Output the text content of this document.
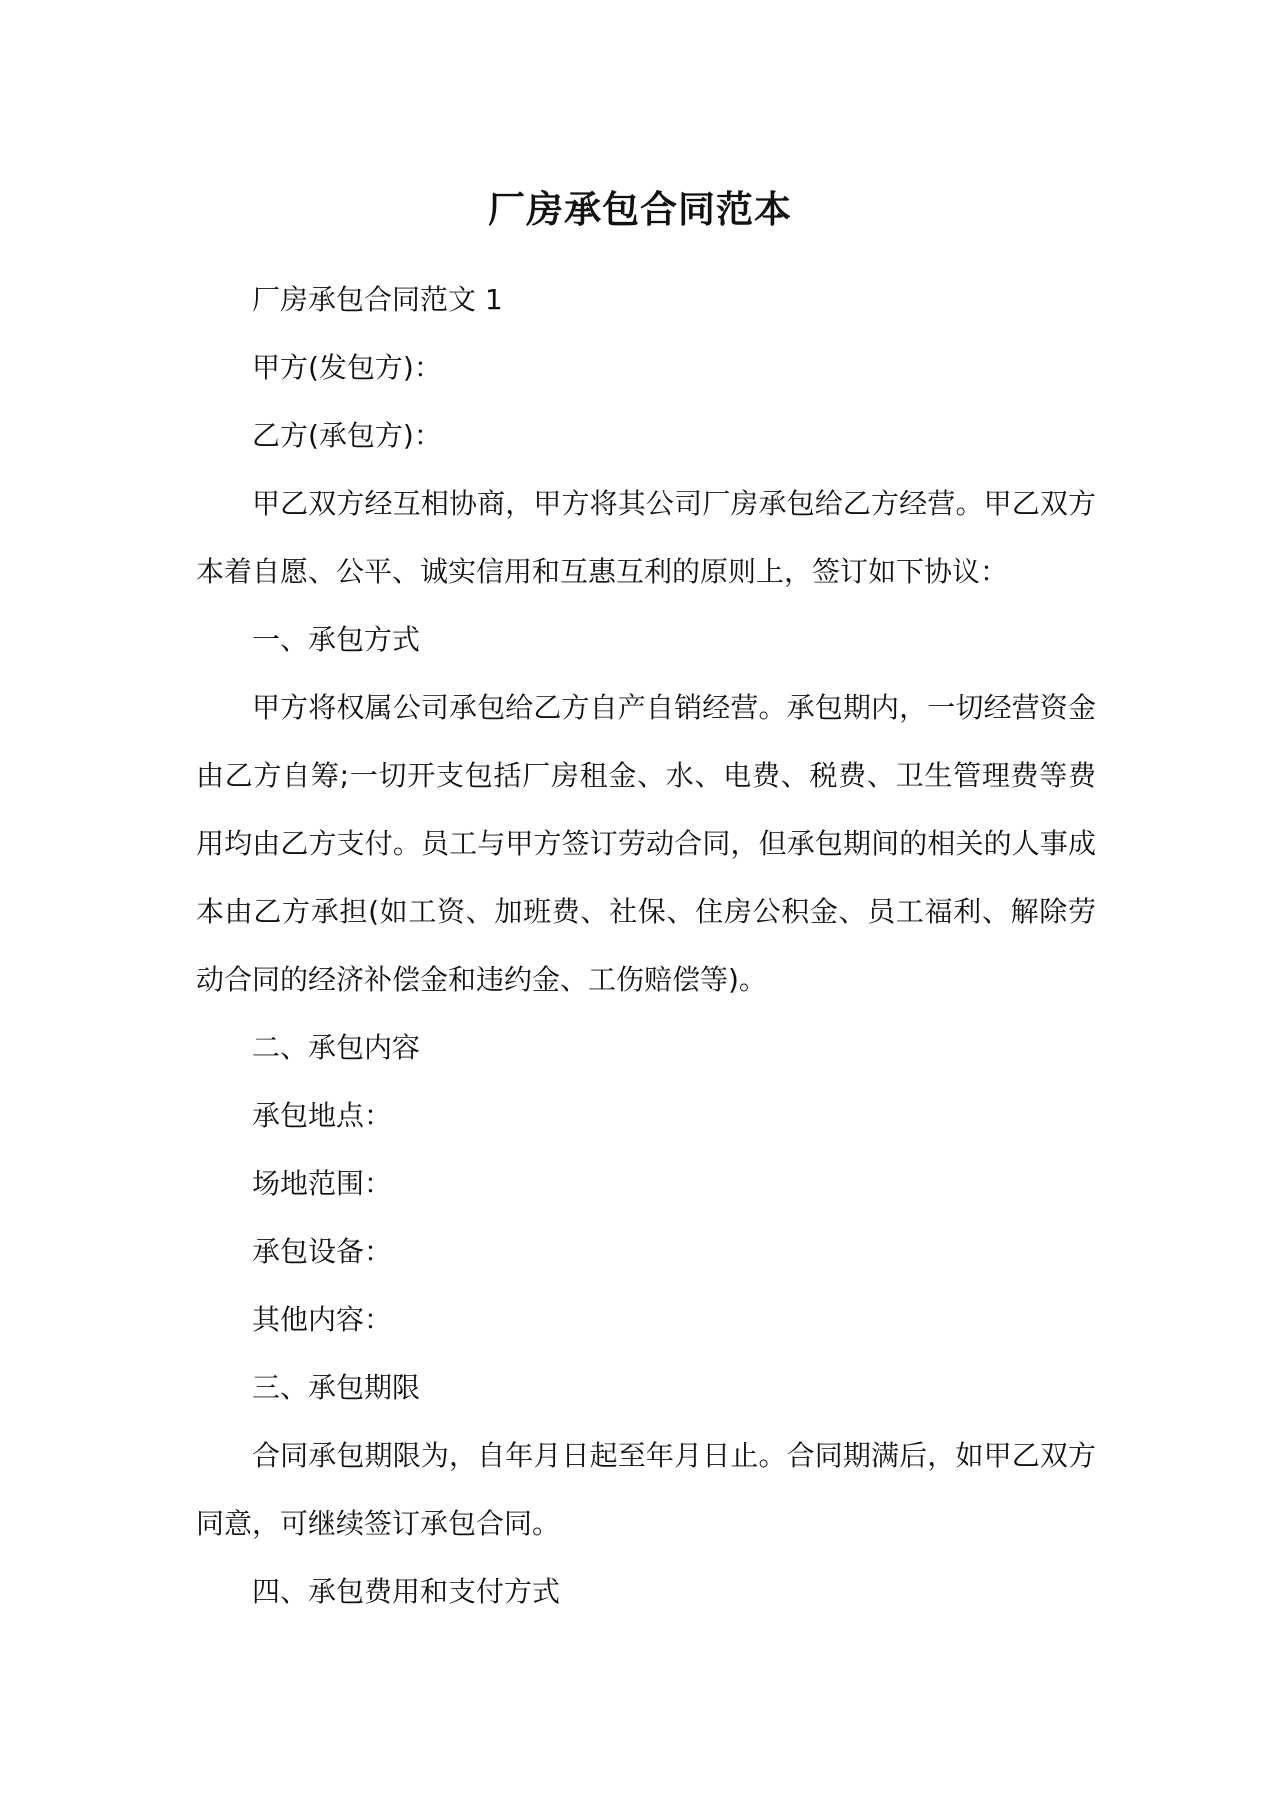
厂房承包合同范本

厂房承包合同范文 1

甲方(发包方)：

乙方(承包方)：

甲乙双方经互相协商，甲方将其公司厂房承包给乙方经营。甲乙双方本着自愿、公平、诚实信用和互惠互利的原则上，签订如下协议：

一、承包方式

甲方将权属公司承包给乙方自产自销经营。承包期内，一切经营资金由乙方自筹;一切开支包括厂房租金、水、电费、税费、卫生管理费等费用均由乙方支付。员工与甲方签订劳动合同，但承包期间的相关的人事成本由乙方承担(如工资、加班费、社保、住房公积金、员工福利、解除劳动合同的经济补偿金和违约金、工伤赔偿等)。

二、承包内容

承包地点：

场地范围：

承包设备：

其他内容：

三、承包期限

合同承包期限为，自年月日起至年月日止。合同期满后，如甲乙双方同意，可继续签订承包合同。

四、承包费用和支付方式
